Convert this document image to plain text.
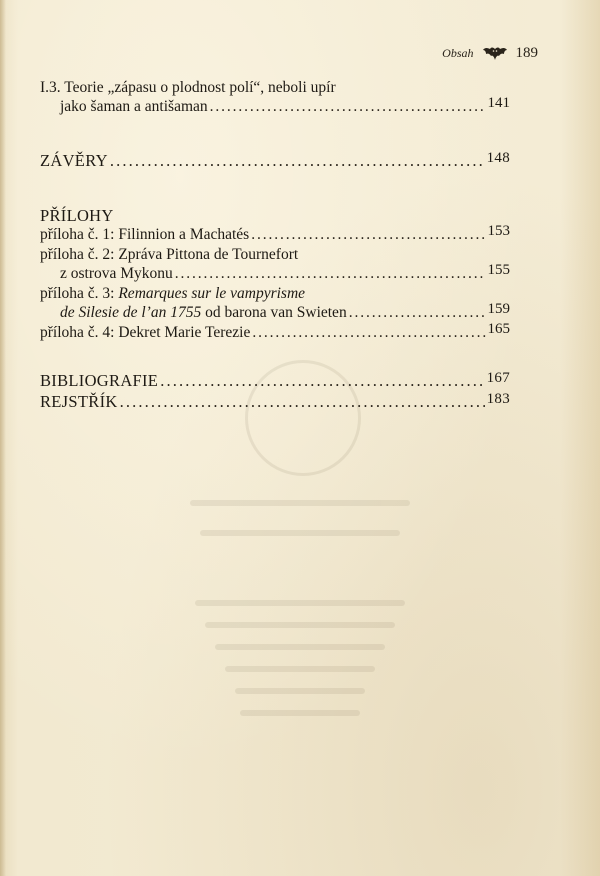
Obsah	189
I.3. Teorie „zápasu o plodnost polí“, neboli upír
jako šaman a antišaman . . .	141
ZÁVĚRY . . .	148
PŘÍLOHY
příloha č. 1: Filinnion a Machatés . . .	153
příloha č. 2: Zpráva Pittona de Tournefort
z ostrova Mykonu . . .	155
příloha č. 3: Remarques sur le vampyrisme
de Silesie de l’an 1755 od barona van Swieten . . .	159
příloha č. 4: Dekret Marie Terezie . . .	165
BIBLIOGRAFIE . . .	167
REJSTŘÍK . . .	183
